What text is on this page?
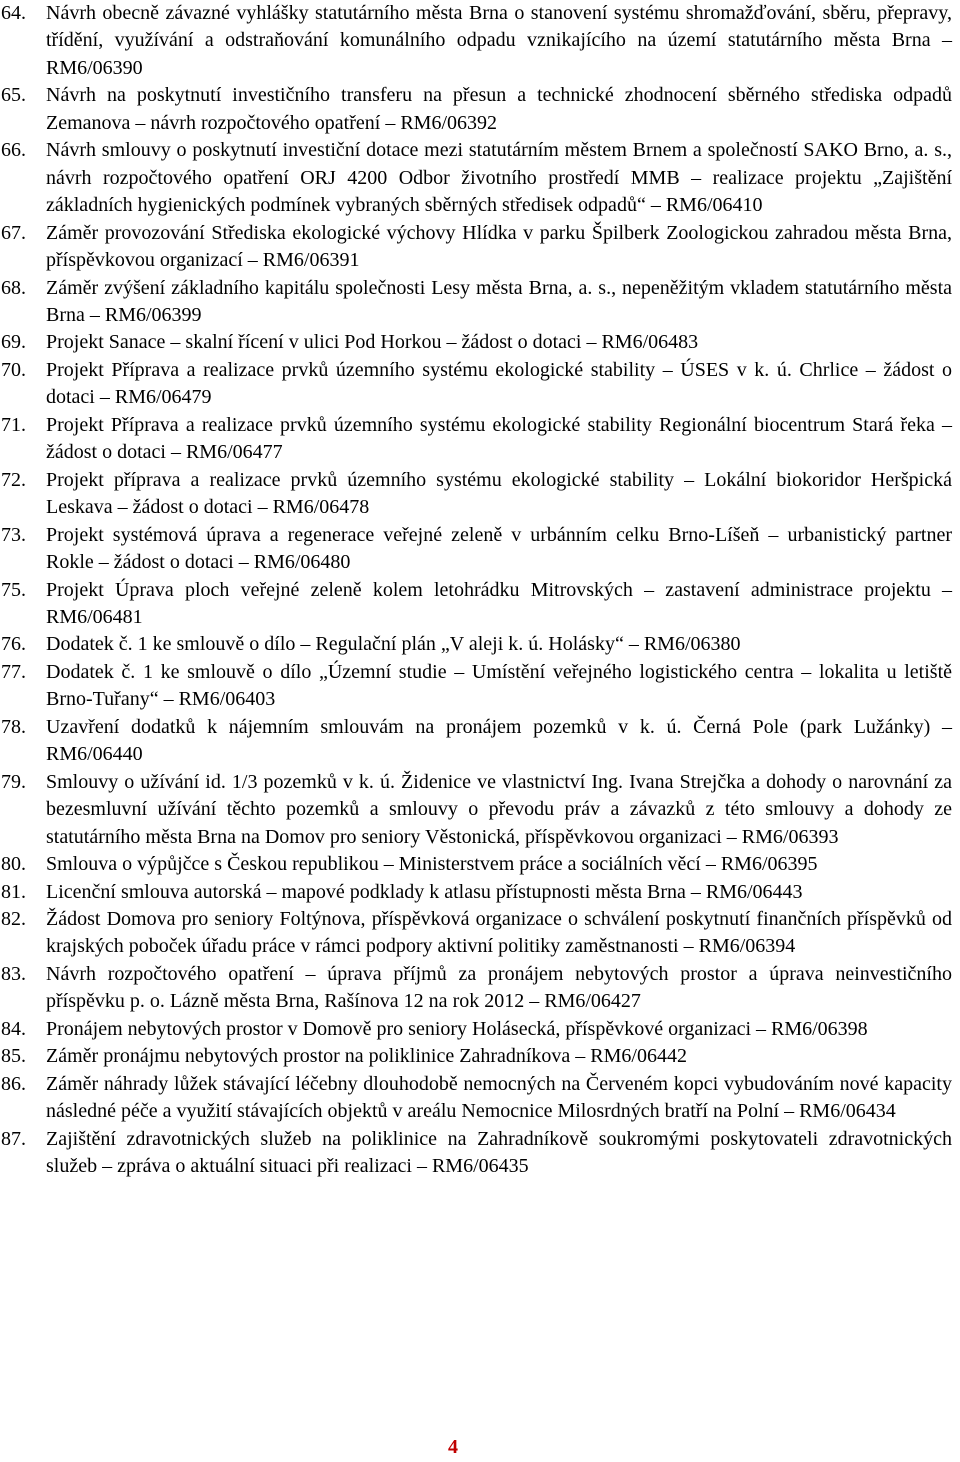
64.	Návrh obecně závazné vyhlášky statutárního města Brna o stanovení systému shromažďování, sběru, přepravy, třídění, využívání a odstraňování komunálního odpadu vznikajícího na území statutárního města Brna – RM6/06390
65.	Návrh na poskytnutí investičního transferu na přesun a technické zhodnocení sběrného střediska odpadů Zemanova – návrh rozpočtového opatření – RM6/06392
66.	Návrh smlouvy o poskytnutí investiční dotace mezi statutárním městem Brnem a společností SAKO Brno, a. s., návrh rozpočtového opatření ORJ 4200 Odbor životního prostředí MMB – realizace projektu „Zajištění základních hygienických podmínek vybraných sběrných středisek odpadů“ – RM6/06410
67.	Záměr provozování Střediska ekologické výchovy Hlídka v parku Špilberk Zoologickou zahradou města Brna, příspěvkovou organizací – RM6/06391
68.	Záměr zvýšení základního kapitálu společnosti Lesy města Brna, a. s., nepeněžitým vkladem statutárního města Brna – RM6/06399
69.	Projekt Sanace – skalní řícení v ulici Pod Horkou – žádost o dotaci – RM6/06483
70.	Projekt Příprava a realizace prvků územního systému ekologické stability – ÚSES v k. ú. Chrlice – žádost o dotaci – RM6/06479
71.	Projekt Příprava a realizace prvků územního systému ekologické stability Regionální biocentrum Stará řeka – žádost o dotaci – RM6/06477
72.	Projekt příprava a realizace prvků územního systému ekologické stability – Lokální biokoridor Heršpická Leskava – žádost o dotaci – RM6/06478
73.	Projekt systémová úprava a regenerace veřejné zeleně v urbánním celku Brno-Líšeň – urbanistický partner Rokle – žádost o dotaci – RM6/06480
75.	Projekt Úprava ploch veřejné zeleně kolem letohrádku Mitrovských – zastavení administrace projektu – RM6/06481
76.	Dodatek č. 1 ke smlouvě o dílo – Regulační plán „V aleji k. ú. Holásky“ – RM6/06380
77.	Dodatek č. 1 ke smlouvě o dílo „Územní studie – Umístění veřejného logistického centra – lokalita u letiště Brno-Tuřany“ – RM6/06403
78.	Uzavření dodatků k nájemním smlouvám na pronájem pozemků v k. ú. Černá Pole (park Lužánky) – RM6/06440
79.	Smlouvy o užívání id. 1/3 pozemků v k. ú. Židenice ve vlastnictví Ing. Ivana Strejčka a dohody o narovnání za bezesmluvní užívání těchto pozemků a smlouvy o převodu práv a závazků z této smlouvy a dohody ze statutárního města Brna na Domov pro seniory Věstonická, příspěvkovou organizaci – RM6/06393
80.	Smlouva o výpůjčce s Českou republikou – Ministerstvem práce a sociálních věcí – RM6/06395
81.	Licenční smlouva autorská – mapové podklady k atlasu přístupnosti města Brna – RM6/06443
82.	Žádost Domova pro seniory Foltýnova, příspěvková organizace o schválení poskytnutí finančních příspěvků od krajských poboček úřadu práce v rámci podpory aktivní politiky zaměstnanosti – RM6/06394
83.	Návrh rozpočtového opatření – úprava příjmů za pronájem nebytových prostor a úprava neinvestičního příspěvku p. o. Lázně města Brna, Rašínova 12 na rok 2012 – RM6/06427
84.	Pronájem nebytových prostor v Domově pro seniory Holásecká, příspěvkové organizaci – RM6/06398
85.	Záměr pronájmu nebytových prostor na poliklinice Zahradníkova – RM6/06442
86.	Záměr náhrady lůžek stávající léčebny dlouhodobě nemocných na Červeném kopci vybudováním nové kapacity následné péče a využití stávajících objektů v areálu Nemocnice Milosrdných bratří na Polní – RM6/06434
87.	Zajištění zdravotnických služeb na poliklinice na Zahradníkově soukromými poskytovateli zdravotnických služeb – zpráva o aktuální situaci při realizaci – RM6/06435
4
